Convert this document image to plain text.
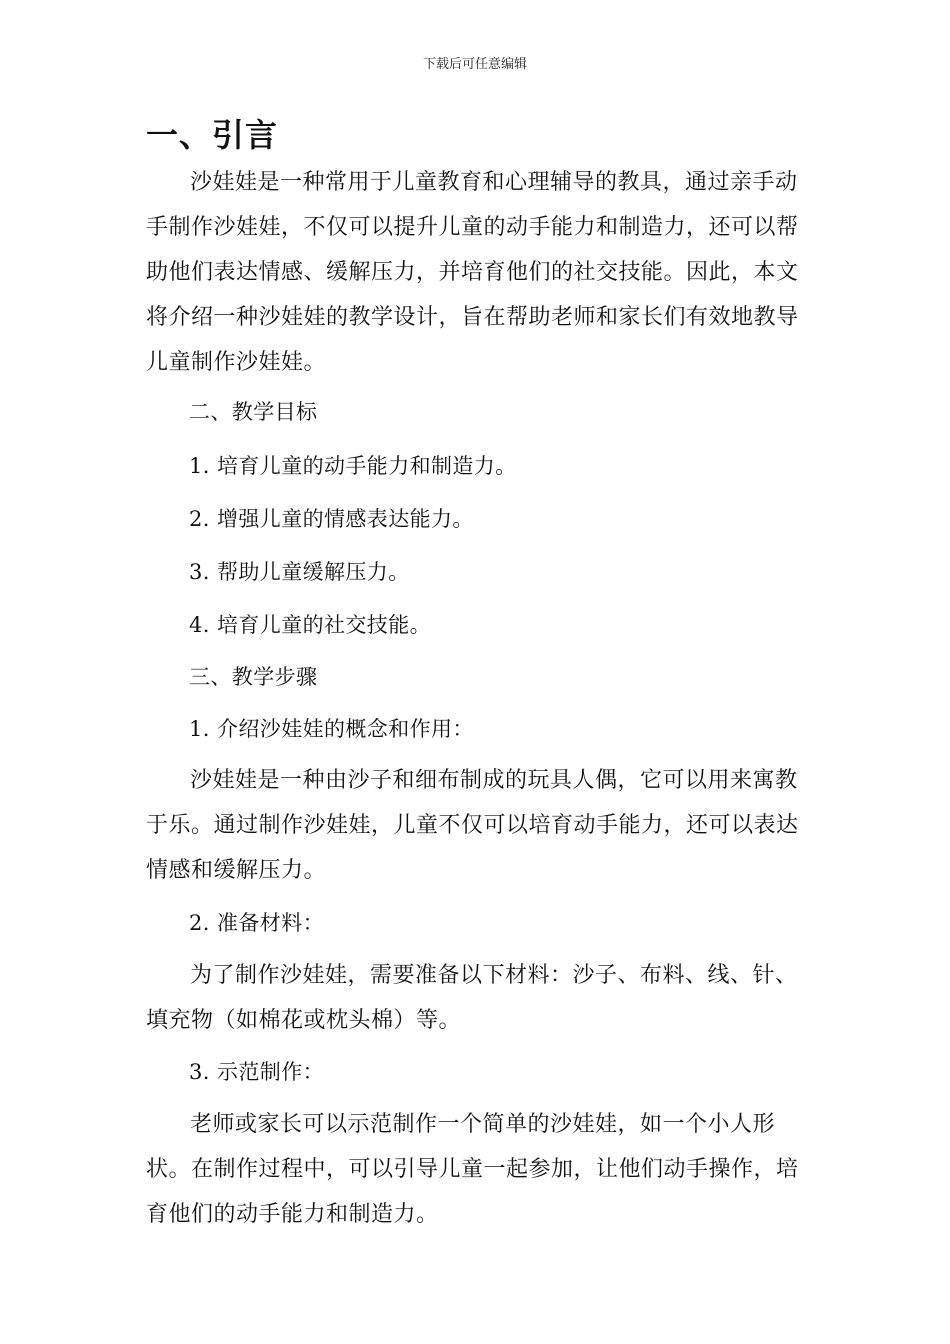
下载后可任意编辑
一、引言
沙娃娃是一种常用于儿童教育和心理辅导的教具，通过亲手动手制作沙娃娃，不仅可以提升儿童的动手能力和制造力，还可以帮助他们表达情感、缓解压力，并培育他们的社交技能。因此，本文将介绍一种沙娃娃的教学设计，旨在帮助老师和家长们有效地教导儿童制作沙娃娃。
二、教学目标
1. 培育儿童的动手能力和制造力。
2. 增强儿童的情感表达能力。
3. 帮助儿童缓解压力。
4. 培育儿童的社交技能。
三、教学步骤
1. 介绍沙娃娃的概念和作用：
沙娃娃是一种由沙子和细布制成的玩具人偶，它可以用来寓教于乐。通过制作沙娃娃，儿童不仅可以培育动手能力，还可以表达情感和缓解压力。
2. 准备材料：
为了制作沙娃娃，需要准备以下材料：沙子、布料、线、针、填充物（如棉花或枕头棉）等。
3. 示范制作：
老师或家长可以示范制作一个简单的沙娃娃，如一个小人形状。在制作过程中，可以引导儿童一起参加，让他们动手操作，培育他们的动手能力和制造力。
